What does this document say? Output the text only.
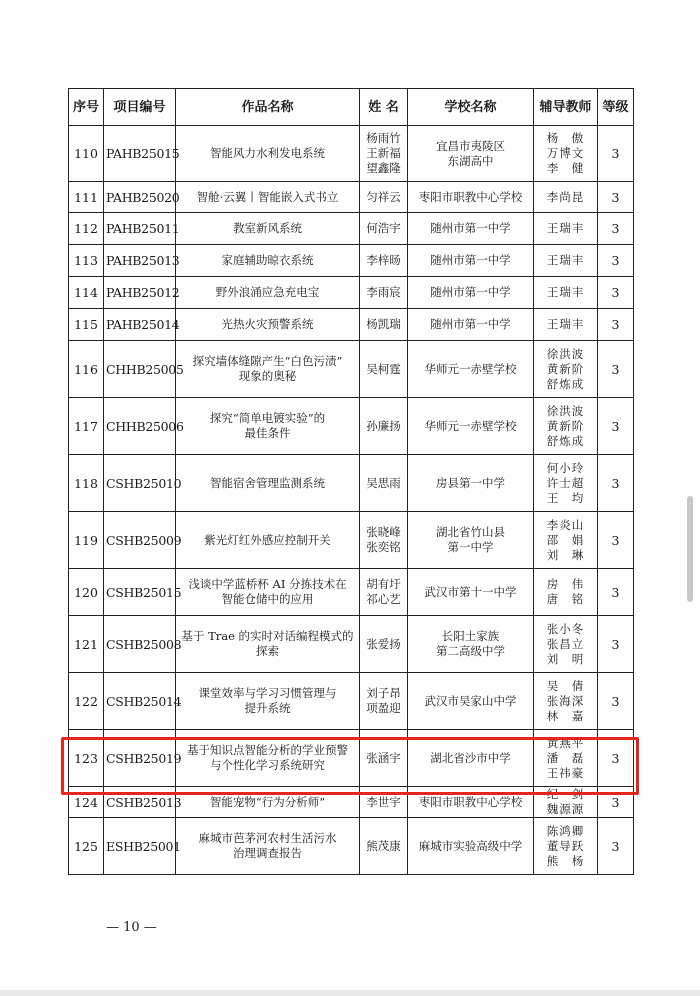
序号	项目编号	作品名称	姓 名	学校名称	辅导教师	等级
110	PAHB25015	智能风力水利发电系统	杨雨竹
王新福
望鑫隆	宜昌市夷陵区
东湖高中	杨　傲
万博文
李　健	3
111	PAHB25020	智舱·云翼丨智能嵌入式书立	匀祥云	枣阳市职教中心学校	李尚昆	3
112	PAHB25011	教室新风系统	何浩宇	随州市第一中学	王瑞丰	3
113	PAHB25013	家庭辅助晾衣系统	李梓旸	随州市第一中学	王瑞丰	3
114	PAHB25012	野外浪涌应急充电宝	李雨宸	随州市第一中学	王瑞丰	3
115	PAHB25014	光热火灾预警系统	杨凯瑞	随州市第一中学	王瑞丰	3
116	CHHB25005	探究墙体缝隙产生“白色污渍”
现象的奥秘	吴柯霆	华师元一赤壁学校	徐洪波
黄新阶
舒炼成	3
117	CHHB25006	探究“简单电镀实验”的
最佳条件	孙廉扬	华师元一赤壁学校	徐洪波
黄新阶
舒炼成	3
118	CSHB25010	智能宿舍管理监测系统	吴思雨	房县第一中学	何小玲
许士超
王　均	3
119	CSHB25009	紫光灯红外感应控制开关	张晓峰
张奕铭	湖北省竹山县
第一中学	李炎山
邵　娟
刘　琳	3
120	CSHB25015	浅谈中学蓝桥杯 AI 分拣技术在
智能仓储中的应用	胡有圩
祁心艺	武汉市第十一中学	房　伟
唐　铭	3
121	CSHB25008	基于 Trae 的实时对话编程模式的
探索	张爱扬	长阳土家族
第二高级中学	张小冬
张昌立
刘　明	3
122	CSHB25014	课堂效率与学习习惯管理与
提升系统	刘子昂
项盈迎	武汉市吴家山中学	吴　倩
张海深
林　嘉	3
123	CSHB25019	基于知识点智能分析的学业预警
与个性化学习系统研究	张涵宇	湖北省沙市中学	黄燕平
潘　磊
王祎豪	3
124	CSHB25013	智能宠物“行为分析师”	李世宇	枣阳市职教中心学校	纪　剑
魏源源	3
125	ESHB25001	麻城市芭茅河农村生活污水
治理调查报告	熊茂康	麻城市实验高级中学	陈鸿卿
董导跃
熊　杨	3
— 10 —
